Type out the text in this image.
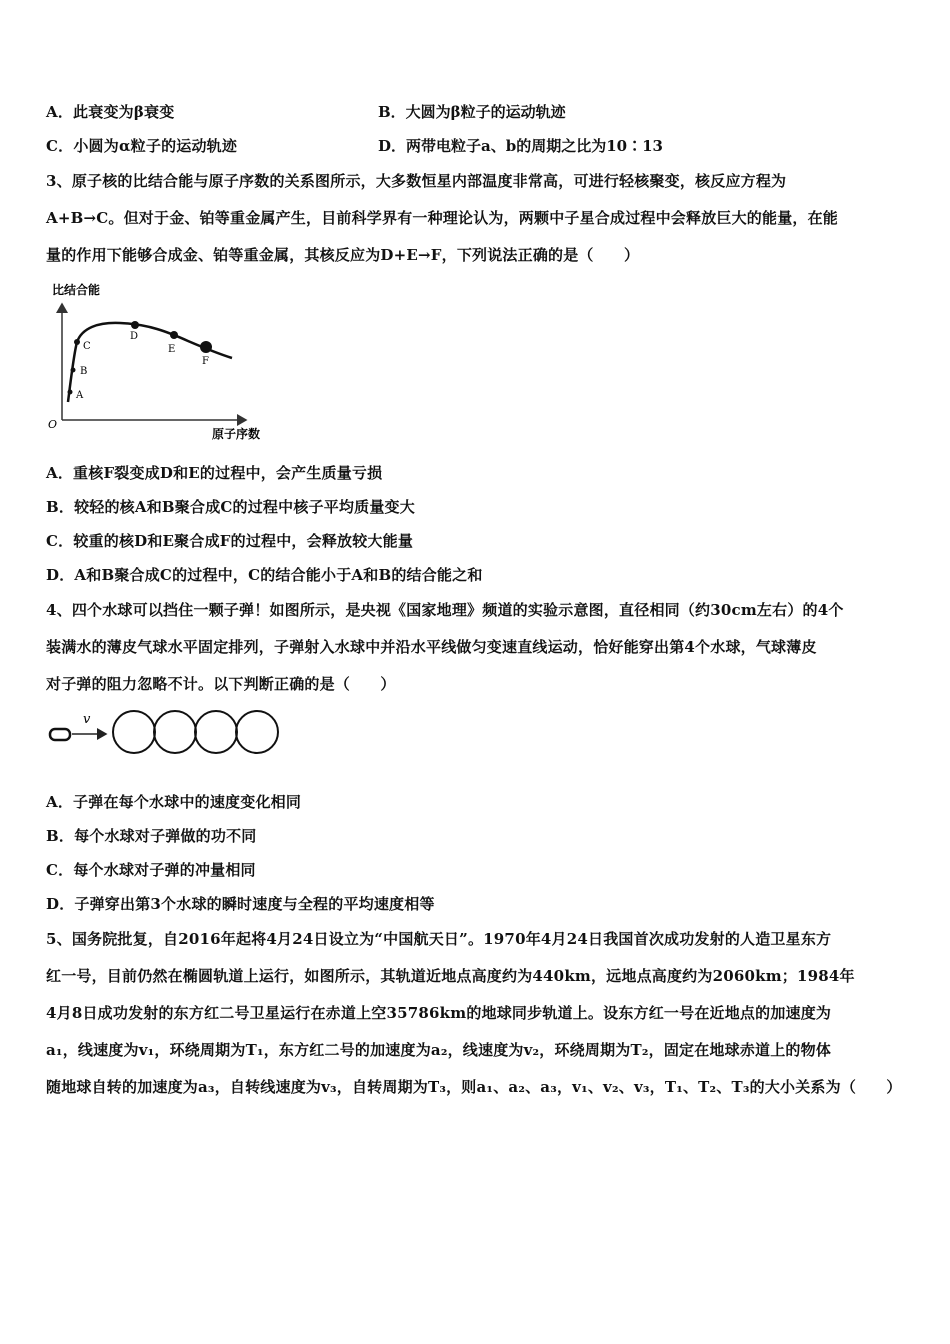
A．此衰变为β衰变	B．大圆为β粒子的运动轨迹
C．小圆为α粒子的运动轨迹	D．两带电粒子a、b的周期之比为10∶13
3、原子核的比结合能与原子序数的关系图所示，大多数恒星内部温度非常高，可进行轻核聚变，核反应方程为
A+B→C。但对于金、铂等重金属产生，目前科学界有一种理论认为，两颗中子星合成过程中会释放巨大的能量，在能
量的作用下能够合成金、铂等重金属，其核反应为D+E→F，下列说法正确的是（　　）
比结合能
O
原子序数
A
B
C
D
E
F
A．重核F裂变成D和E的过程中，会产生质量亏损
B．较轻的核A和B聚合成C的过程中核子平均质量变大
C．较重的核D和E聚合成F的过程中，会释放较大能量
D．A和B聚合成C的过程中，C的结合能小于A和B的结合能之和
4、四个水球可以挡住一颗子弹！如图所示，是央视《国家地理》频道的实验示意图，直径相同（约30cm左右）的4个
装满水的薄皮气球水平固定排列，子弹射入水球中并沿水平线做匀变速直线运动，恰好能穿出第4个水球，气球薄皮
对子弹的阻力忽略不计。以下判断正确的是（　　）
v
A．子弹在每个水球中的速度变化相同
B．每个水球对子弹做的功不同
C．每个水球对子弹的冲量相同
D．子弹穿出第3个水球的瞬时速度与全程的平均速度相等
5、国务院批复，自2016年起将4月24日设立为“中国航天日”。1970年4月24日我国首次成功发射的人造卫星东方
红一号，目前仍然在椭圆轨道上运行，如图所示，其轨道近地点高度约为440km，远地点高度约为2060km；1984年
4月8日成功发射的东方红二号卫星运行在赤道上空35786km的地球同步轨道上。设东方红一号在近地点的加速度为
a₁，线速度为v₁，环绕周期为T₁，东方红二号的加速度为a₂，线速度为v₂，环绕周期为T₂，固定在地球赤道上的物体
随地球自转的加速度为a₃，自转线速度为v₃，自转周期为T₃，则a₁、a₂、a₃，v₁、v₂、v₃，T₁、T₂、T₃的大小关系为（　　）
